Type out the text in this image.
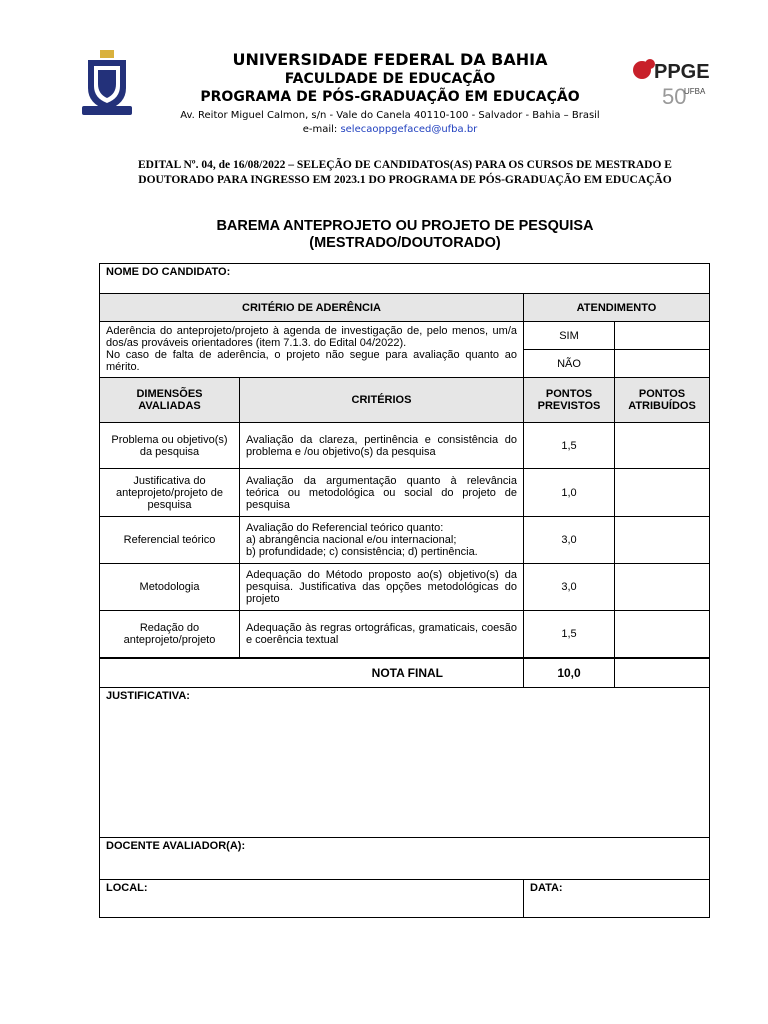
UNIVERSIDADE FEDERAL DA BAHIA
FACULDADE DE EDUCAÇÃO
PROGRAMA DE PÓS-GRADUAÇÃO EM EDUCAÇÃO
Av. Reitor Miguel Calmon, s/n - Vale do Canela 40110-100 - Salvador - Bahia – Brasil
e-mail: selecaoppgefaced@ufba.br
PPGE
50
UFBA
EDITAL Nº. 04, de 16/08/2022 – SELEÇÃO DE CANDIDATOS(AS) PARA OS CURSOS DE MESTRADO E DOUTORADO PARA INGRESSO EM 2023.1 DO PROGRAMA DE PÓS-GRADUAÇÃO EM EDUCAÇÃO
BAREMA ANTEPROJETO OU PROJETO DE PESQUISA
(MESTRADO/DOUTORADO)
NOME DO CANDIDATO:			
CRITÉRIO DE ADERÊNCIA		ATENDIMENTO	

Aderência do anteprojeto/projeto à agenda de investigação de, pelo menos, um/a dos/as prováveis orientadores (item 7.1.3. do Edital 04/2022).
No caso de falta de aderência, o projeto não segue para avaliação quanto ao mérito.		SIM	
		NÃO	
DIMENSÕES AVALIADAS	CRITÉRIOS	PONTOS PREVISTOS	PONTOS ATRIBUÍDOS
Problema ou objetivo(s) da pesquisa	Avaliação da clareza, pertinência e consistência do problema e /ou objetivo(s) da pesquisa	1,5	
Justificativa do anteprojeto/projeto de pesquisa	Avaliação da argumentação quanto à relevância teórica ou metodológica ou social do projeto de pesquisa	1,0	
Referencial teórico	Avaliação do Referencial teórico quanto:
a) abrangência nacional e/ou internacional;
b) profundidade; c) consistência; d) pertinência.	3,0	
Metodologia	Adequação do Método proposto ao(s) objetivo(s) da pesquisa. Justificativa das opções metodológicas do projeto	3,0	
Redação do anteprojeto/projeto	Adequação às regras ortográficas, gramaticais, coesão e coerência textual	1,5	
NOTA FINAL		10,0	
JUSTIFICATIVA:			
DOCENTE AVALIADOR(A):			
LOCAL:		DATA:	
